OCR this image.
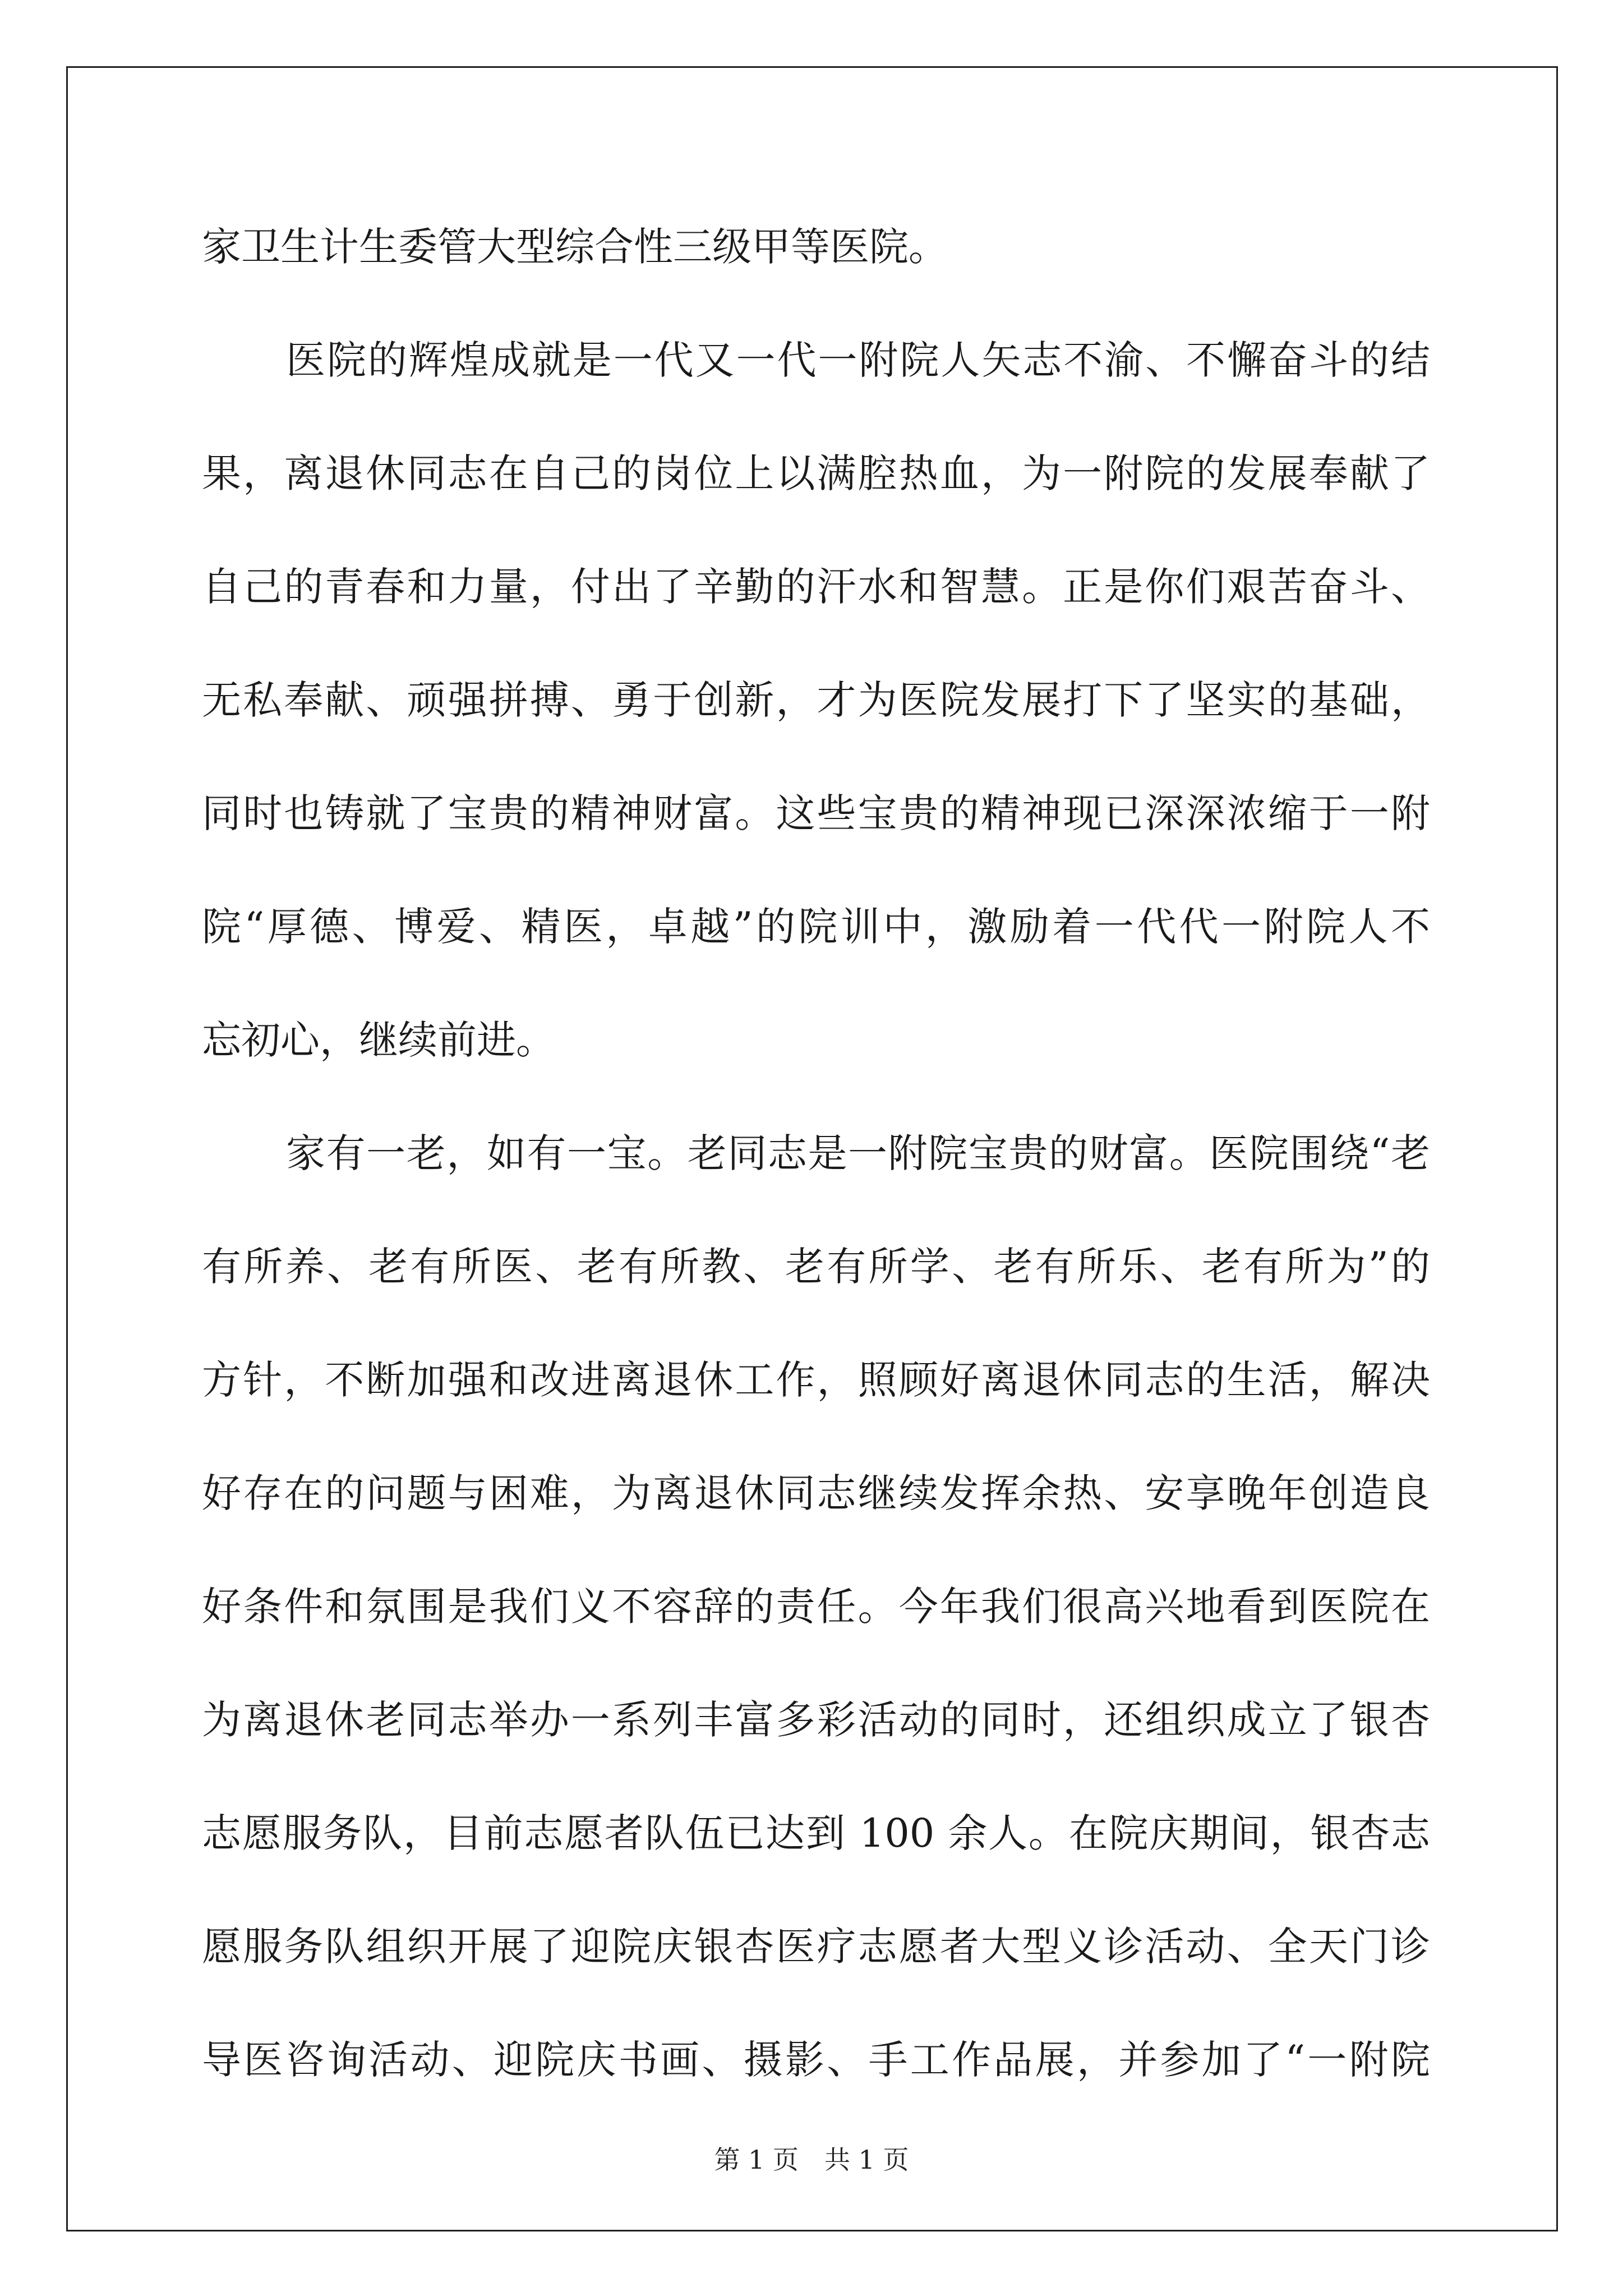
家卫生计生委管大型综合性三级甲等医院。
医院的辉煌成就是一代又一代一附院人矢志不渝、不懈奋斗的结
果，离退休同志在自己的岗位上以满腔热血，为一附院的发展奉献了
自己的青春和力量，付出了辛勤的汗水和智慧。正是你们艰苦奋斗、
无私奉献、顽强拼搏、勇于创新，才为医院发展打下了坚实的基础，
同时也铸就了宝贵的精神财富。这些宝贵的精神现已深深浓缩于一附
院“厚德、博爱、精医，卓越”的院训中，激励着一代代一附院人不
忘初心，继续前进。
家有一老，如有一宝。老同志是一附院宝贵的财富。医院围绕“老
有所养、老有所医、老有所教、老有所学、老有所乐、老有所为”的
方针，不断加强和改进离退休工作，照顾好离退休同志的生活，解决
好存在的问题与困难，为离退休同志继续发挥余热、安享晚年创造良
好条件和氛围是我们义不容辞的责任。今年我们很高兴地看到医院在
为离退休老同志举办一系列丰富多彩活动的同时，还组织成立了银杏
志愿服务队，目前志愿者队伍已达到 100 余人。在院庆期间，银杏志
愿服务队组织开展了迎院庆银杏医疗志愿者大型义诊活动、全天门诊
导医咨询活动、迎院庆书画、摄影、手工作品展，并参加了“一附院
第 1 页　共 1 页
